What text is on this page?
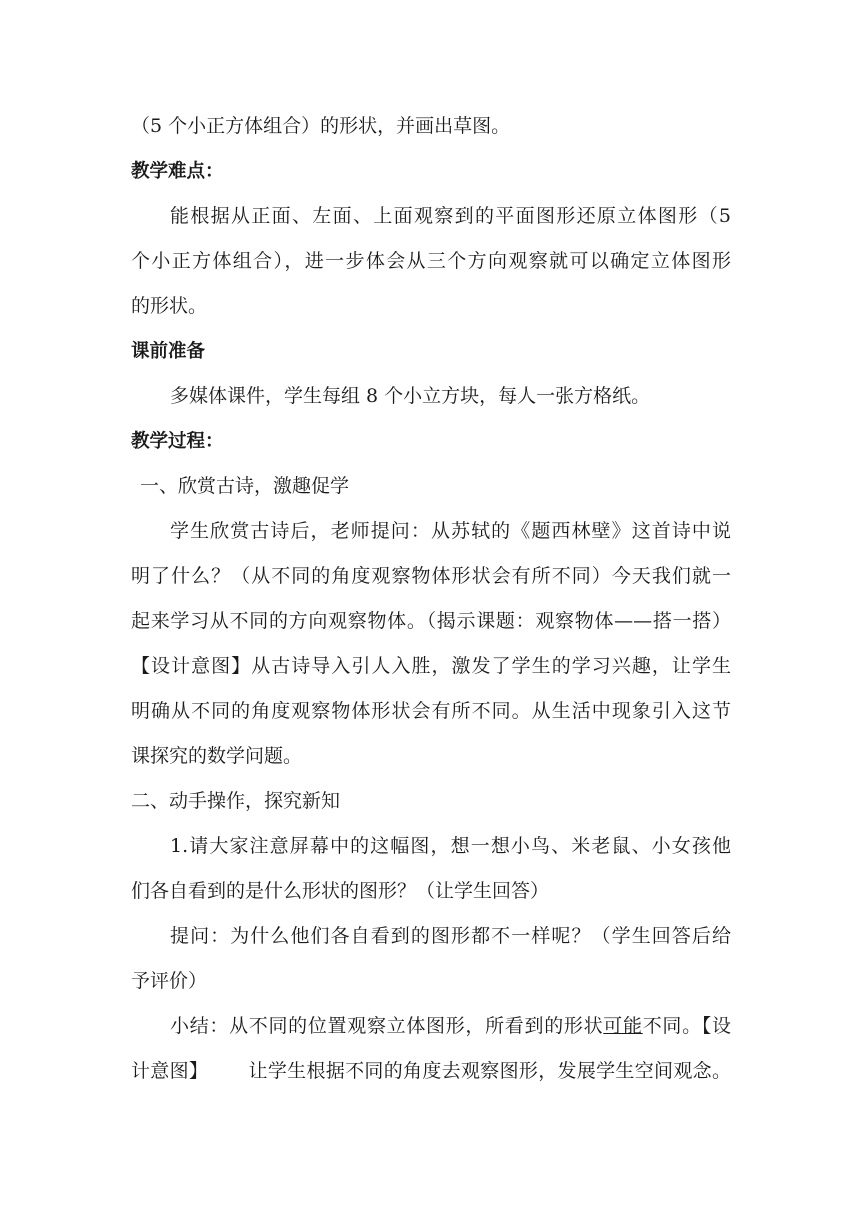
（5 个小正方体组合）的形状，并画出草图。
教学难点：
能根据从正面、左面、上面观察到的平面图形还原立体图形（5
个小正方体组合），进一步体会从三个方向观察就可以确定立体图形
的形状。
课前准备
多媒体课件，学生每组 8 个小立方块，每人一张方格纸。
教学过程：
一、欣赏古诗，激趣促学
学生欣赏古诗后，老师提问：从苏轼的《题西林壁》这首诗中说
明了什么？（从不同的角度观察物体形状会有所不同）今天我们就一
起来学习从不同的方向观察物体。（揭示课题：观察物体——搭一搭）
【设计意图】从古诗导入引人入胜，激发了学生的学习兴趣，让学生
明确从不同的角度观察物体形状会有所不同。从生活中现象引入这节
课探究的数学问题。
二、动手操作，探究新知
1.请大家注意屏幕中的这幅图，想一想小鸟、米老鼠、小女孩他
们各自看到的是什么形状的图形？（让学生回答）
提问：为什么他们各自看到的图形都不一样呢？（学生回答后给
予评价）
小结：从不同的位置观察立体图形，所看到的形状可能不同。【设
计意图】 让学生根据不同的角度去观察图形，发展学生空间观念。
